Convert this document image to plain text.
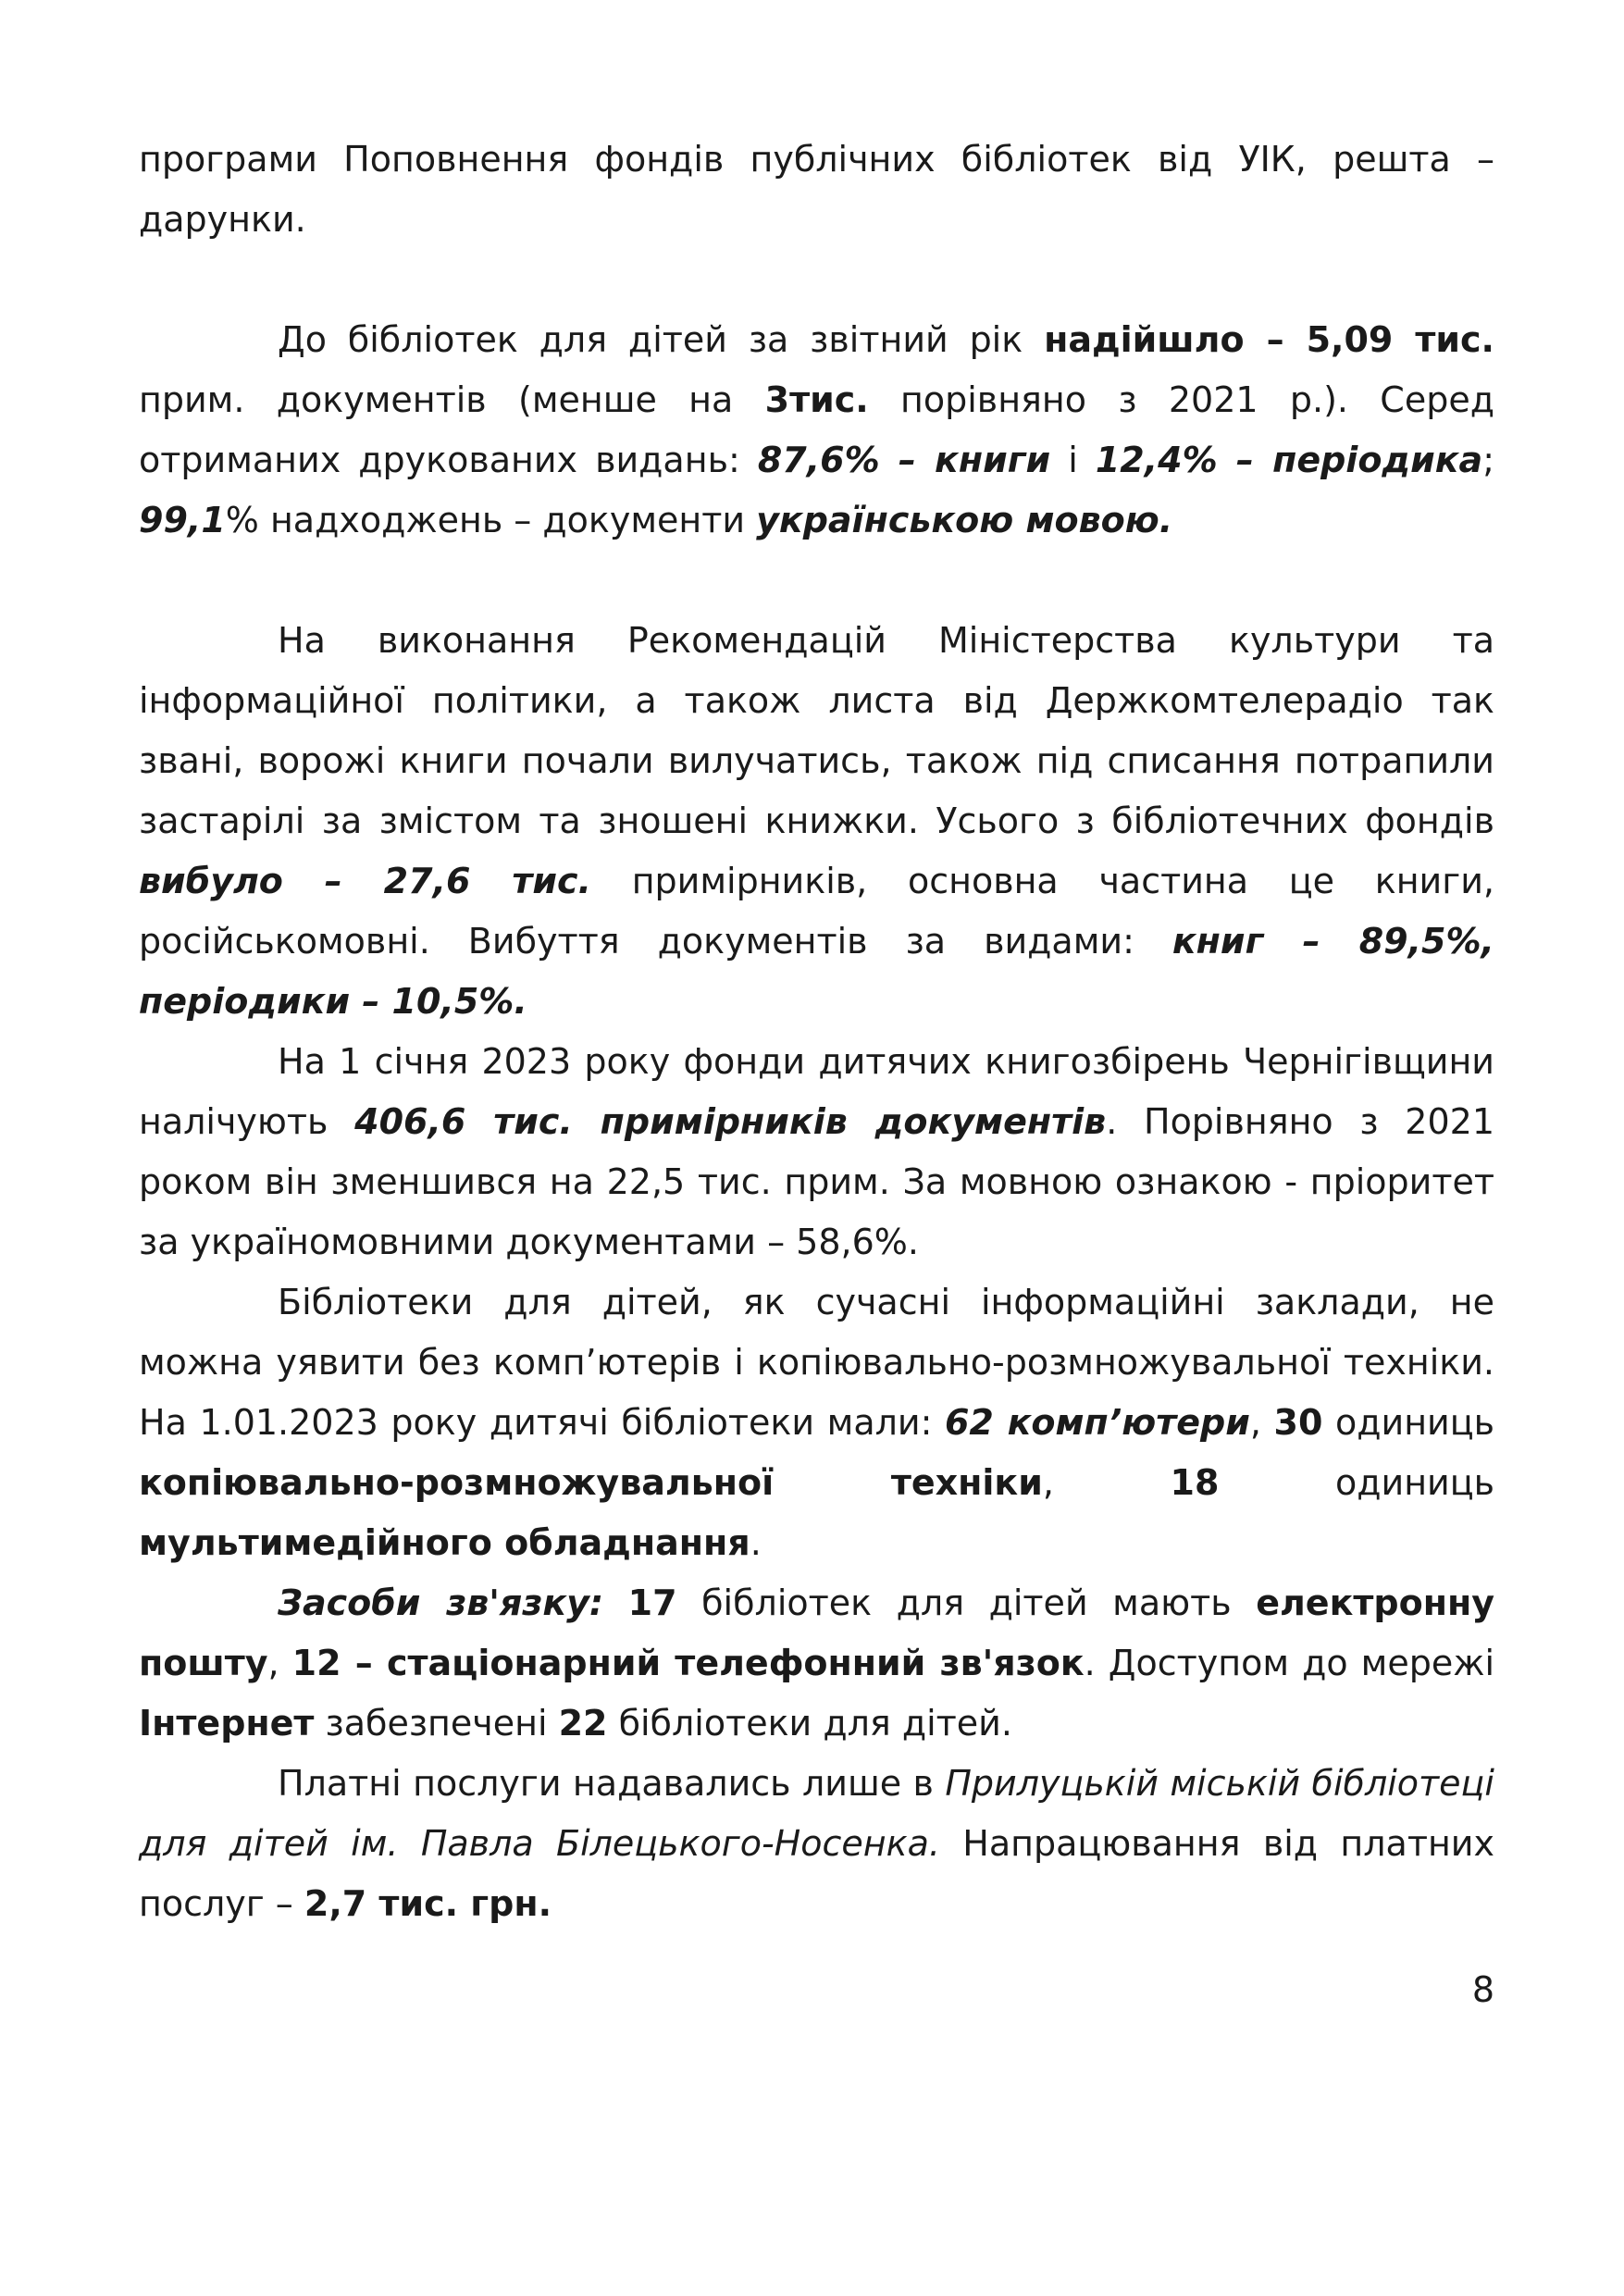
програми Поповнення фондів публічних бібліотек від УІК, решта – дарунки.

До бібліотек для дітей за звітний рік надійшло – 5,09 тис. прим. документів (менше на 3тис. порівняно з 2021 р.). Серед отриманих друкованих видань: 87,6% – книги і 12,4% – періодика; 99,1% надходжень – документи українською мовою.

На виконання Рекомендацій Міністерства культури та інформаційної політики, а також листа від Держкомтелерадіо так звані, ворожі книги почали вилучатись, також під списання потрапили застарілі за змістом та зношені книжки. Усього з бібліотечних фондів вибуло – 27,6 тис. примірників, основна частина це книги, російськомовні. Вибуття документів за видами: книг – 89,5%, періодики – 10,5%.

На 1 січня 2023 року фонди дитячих книгозбірень Чернігівщини налічують 406,6 тис. примірників документів. Порівняно з 2021 роком він зменшився на 22,5 тис. прим. За мовною ознакою - пріоритет за україномовними документами – 58,6%.

Бібліотеки для дітей, як сучасні інформаційні заклади, не можна уявити без комп’ютерів і копіювально-розмножувальної техніки. На 1.01.2023 року дитячі бібліотеки мали: 62 комп’ютери, 30 одиниць копіювально-розмножувальної техніки, 18 одиниць мультимедійного обладнання.

Засоби зв'язку: 17 бібліотек для дітей мають електронну пошту, 12 – стаціонарний телефонний зв'язок. Доступом до мережі Інтернет забезпечені 22 бібліотеки для дітей.

Платні послуги надавались лише в Прилуцькій міській бібліотеці для дітей ім. Павла Білецького-Носенка. Напрацювання від платних послуг – 2,7 тис. грн.

8
